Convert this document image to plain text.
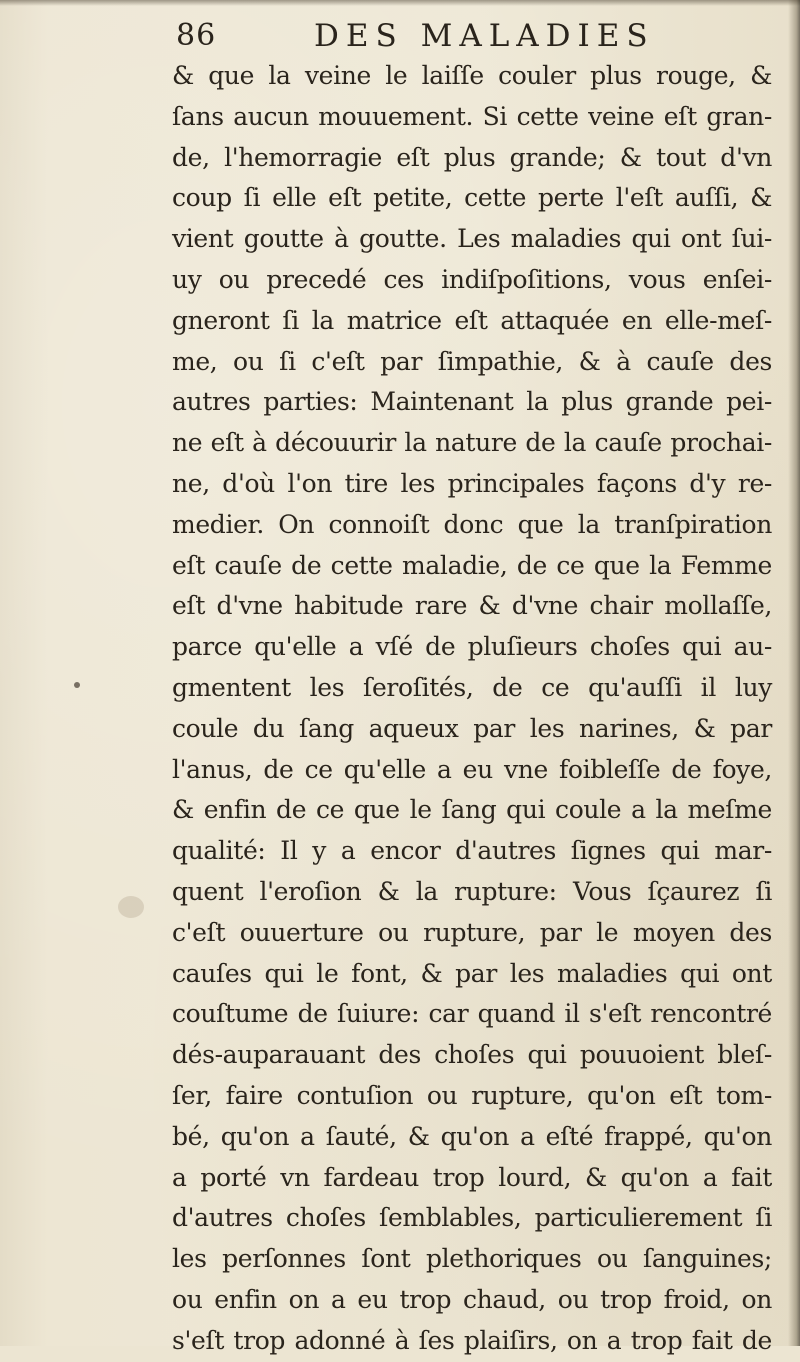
86	DES MALADIES
& que la veine le laiſſe couler plus rouge, &
ſans aucun mouuement. Si cette veine eſt gran-
de, l'hemorragie eſt plus grande; & tout d'vn
coup ſi elle eſt petite, cette perte l'eſt auſſi, &
vient goutte à goutte. Les maladies qui ont ſui-
uy ou precedé ces indiſpoſitions, vous enſei-
gneront ſi la matrice eſt attaquée en elle-meſ-
me, ou ſi c'eſt par ſimpathie, & à cauſe des
autres parties: Maintenant la plus grande pei-
ne eſt à découurir la nature de la cauſe prochai-
ne, d'où l'on tire les principales façons d'y re-
medier. On connoiſt donc que la tranſpiration
eſt cauſe de cette maladie, de ce que la Femme
eſt d'vne habitude rare & d'vne chair mollaſſe,
parce qu'elle a vſé de pluſieurs choſes qui au-
gmentent les ſeroſités, de ce qu'auſſi il luy
coule du ſang aqueux par les narines, & par
l'anus, de ce qu'elle a eu vne foibleſſe de foye,
& enfin de ce que le ſang qui coule a la meſme
qualité: Il y a encor d'autres ſignes qui mar-
quent l'eroſion & la rupture: Vous ſçaurez ſi
c'eſt ouuerture ou rupture, par le moyen des
cauſes qui le font, & par les maladies qui ont
couſtume de ſuiure: car quand il s'eſt rencontré
dés-auparauant des choſes qui pouuoient bleſ-
ſer, faire contuſion ou rupture, qu'on eſt tom-
bé, qu'on a ſauté, & qu'on a eſté frappé, qu'on
a porté vn fardeau trop lourd, & qu'on a fait
d'autres choſes ſemblables, particulierement ſi
les perſonnes ſont plethoriques ou ſanguines;
ou enfin on a eu trop chaud, ou trop froid, on
s'eſt trop adonné à ſes plaiſirs, on a trop fait de
